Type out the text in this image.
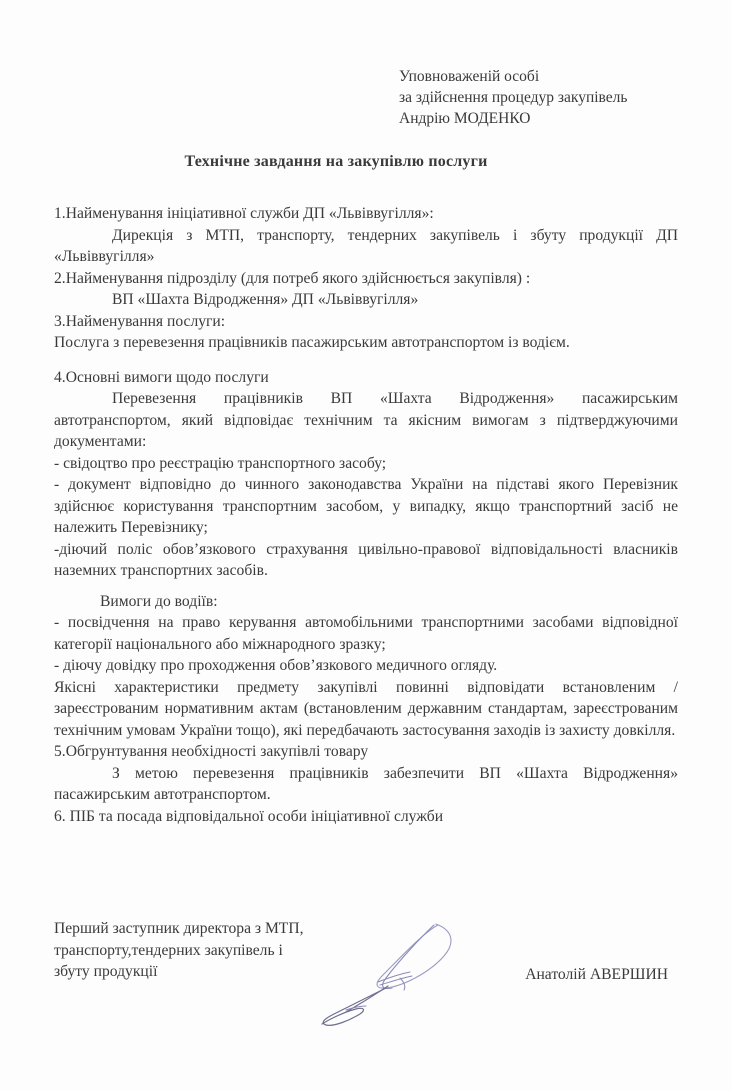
Уповноваженій особі
за здійснення процедур закупівель
Андрію МОДЕНКО
Технічне завдання на закупівлю послуги

1.Найменування ініціативної служби ДП «Львіввугілля»:

Дирекція з МТП, транспорту, тендерних закупівель і збуту продукції ДП «Львіввугілля»

2.Найменування підрозділу (для потреб якого здійснюється закупівля) :

ВП «Шахта Відродження» ДП «Львіввугілля»

3.Найменування послуги:

Послуга з перевезення працівників пасажирським автотранспортом із водієм.

4.Основні вимоги щодо послуги

Перевезення працівників ВП «Шахта Відродження» пасажирським автотранспортом, який відповідає технічним та якісним вимогам з підтверджуючими документами:

- свідоцтво про реєстрацію транспортного засобу;

- документ відповідно до чинного законодавства України на підставі якого Перевізник здійснює користування транспортним засобом, у випадку, якщо транспортний засіб не належить Перевізнику;

-діючий поліс обов’язкового страхування цивільно-правової відповідальності власників наземних транспортних засобів.

Вимоги до водіїв:

- посвідчення на право керування автомобільними транспортними засобами відповідної категорії національного або міжнародного зразку;

- діючу довідку про проходження обов’язкового медичного огляду.

Якісні характеристики предмету закупівлі повинні відповідати встановленим /зареєстрованим нормативним актам (встановленим державним стандартам, зареєстрованим технічним умовам України тощо), які передбачають застосування заходів із захисту довкілля.

5.Обгрунтування необхідності закупівлі товару

З метою перевезення працівників забезпечити ВП «Шахта Відродження» пасажирським автотранспортом.

6. ПІБ та посада відповідальної особи ініціативної служби

Перший заступник директора з МТП,
транспорту,тендерних закупівель і
збуту продукції	Анатолій АВЕРШИН
